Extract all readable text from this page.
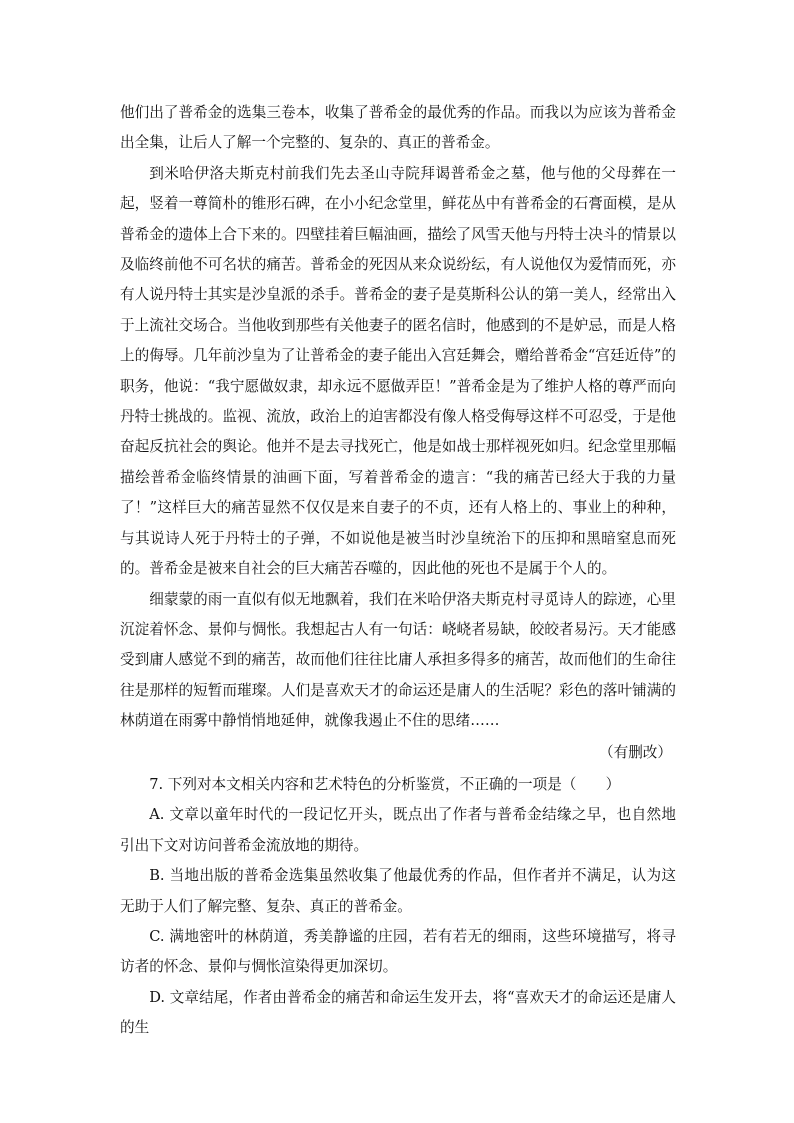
他们出了普希金的选集三卷本，收集了普希金的最优秀的作品。而我以为应该为普希金出全集，让后人了解一个完整的、复杂的、真正的普希金。

到米哈伊洛夫斯克村前我们先去圣山寺院拜谒普希金之墓，他与他的父母葬在一起，竖着一尊简朴的锥形石碑，在小小纪念堂里，鲜花丛中有普希金的石膏面模，是从普希金的遗体上合下来的。四壁挂着巨幅油画，描绘了风雪天他与丹特士决斗的情景以及临终前他不可名状的痛苦。普希金的死因从来众说纷纭，有人说他仅为爱情而死，亦有人说丹特士其实是沙皇派的杀手。普希金的妻子是莫斯科公认的第一美人，经常出入于上流社交场合。当他收到那些有关他妻子的匿名信时，他感到的不是妒忌，而是人格上的侮辱。几年前沙皇为了让普希金的妻子能出入宫廷舞会，赠给普希金“宫廷近侍”的职务，他说：“我宁愿做奴隶，却永远不愿做弄臣！”普希金是为了维护人格的尊严而向丹特士挑战的。监视、流放，政治上的迫害都没有像人格受侮辱这样不可忍受，于是他奋起反抗社会的舆论。他并不是去寻找死亡，他是如战士那样视死如归。纪念堂里那幅描绘普希金临终情景的油画下面，写着普希金的遗言：“我的痛苦已经大于我的力量了！”这样巨大的痛苦显然不仅仅是来自妻子的不贞，还有人格上的、事业上的种种，与其说诗人死于丹特士的子弹，不如说他是被当时沙皇统治下的压抑和黑暗窒息而死的。普希金是被来自社会的巨大痛苦吞噬的，因此他的死也不是属于个人的。

细蒙蒙的雨一直似有似无地飘着，我们在米哈伊洛夫斯克村寻觅诗人的踪迹，心里沉淀着怀念、景仰与惆怅。我想起古人有一句话：峣峣者易缺，皎皎者易污。天才能感受到庸人感觉不到的痛苦，故而他们往往比庸人承担多得多的痛苦，故而他们的生命往往是那样的短暂而璀璨。人们是喜欢天才的命运还是庸人的生活呢？彩色的落叶铺满的林荫道在雨雾中静悄悄地延伸，就像我遏止不住的思绪……

（有删改）

7. 下列对本文相关内容和艺术特色的分析鉴赏，不正确的一项是（　　）

A. 文章以童年时代的一段记忆开头，既点出了作者与普希金结缘之早，也自然地引出下文对访问普希金流放地的期待。

B. 当地出版的普希金选集虽然收集了他最优秀的作品，但作者并不满足，认为这无助于人们了解完整、复杂、真正的普希金。

C. 满地密叶的林荫道，秀美静谧的庄园，若有若无的细雨，这些环境描写，将寻访者的怀念、景仰与惆怅渲染得更加深切。

D. 文章结尾，作者由普希金的痛苦和命运生发开去，将“喜欢天才的命运还是庸人的生
